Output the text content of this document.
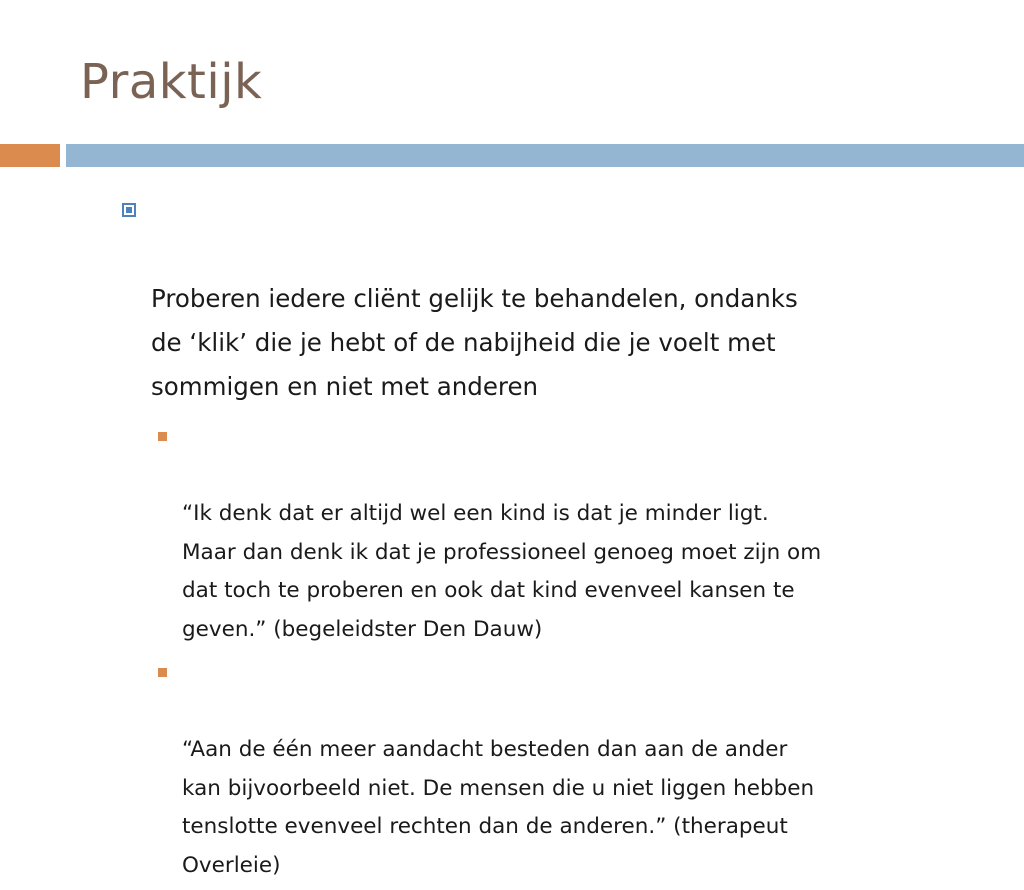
Praktijk

Proberen iedere cliënt gelijk te behandelen, ondanks
de ‘klik’ die je hebt of de nabijheid die je voelt met
sommigen en niet met anderen

“Ik denk dat er altijd wel een kind is dat je minder ligt.
Maar dan denk ik dat je professioneel genoeg moet zijn om
dat toch te proberen en ook dat kind evenveel kansen te
geven.” (begeleidster Den Dauw)

“Aan de één meer aandacht besteden dan aan de ander
kan bijvoorbeeld niet. De mensen die u niet liggen hebben
tenslotte evenveel rechten dan de anderen.” (therapeut
Overleie)
